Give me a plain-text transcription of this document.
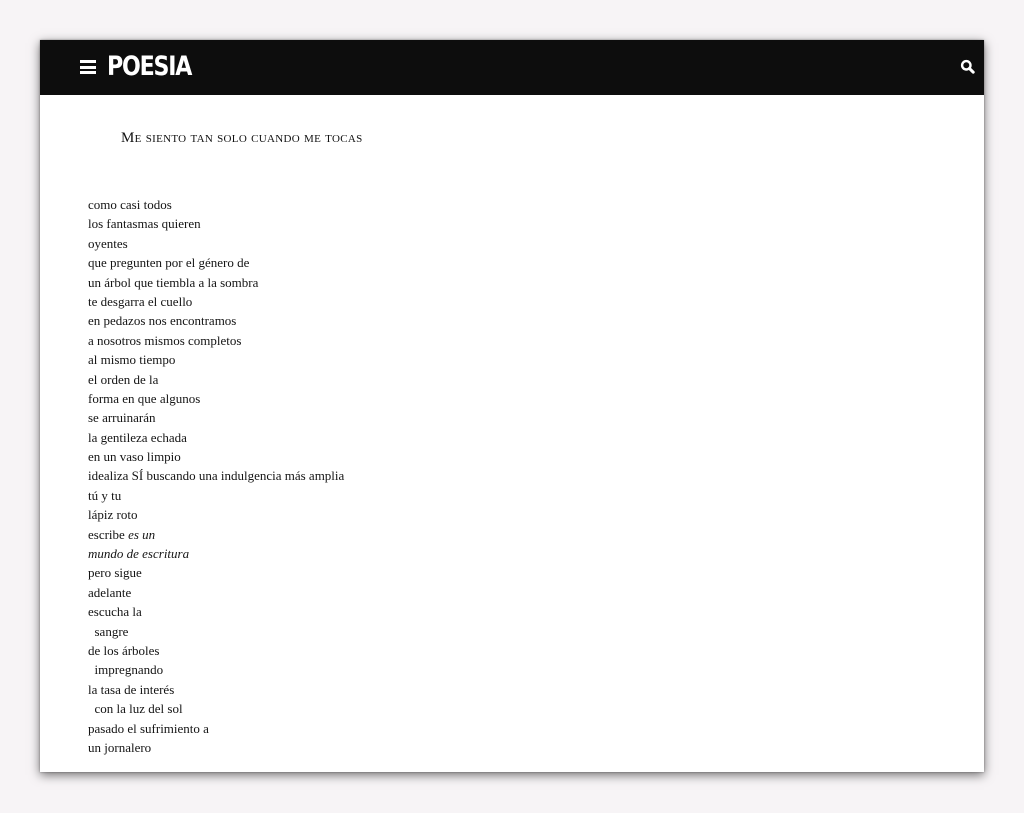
POESIA
Me siento tan solo cuando me tocas
como casi todos
los fantasmas quieren
oyentes
que pregunten por el género de
un árbol que tiembla a la sombra
te desgarra el cuello
en pedazos nos encontramos
a nosotros mismos completos
al mismo tiempo
el orden de la
forma en que algunos
se arruinarán
la gentileza echada
en un vaso limpio
idealiza SÍ buscando una indulgencia más amplia
tú y tu
lápiz roto
escribe es un
mundo de escritura
pero sigue
adelante
escucha la
sangre
de los árboles
impregnando
la tasa de interés
con la luz del sol
pasado el sufrimiento a
un jornalero
